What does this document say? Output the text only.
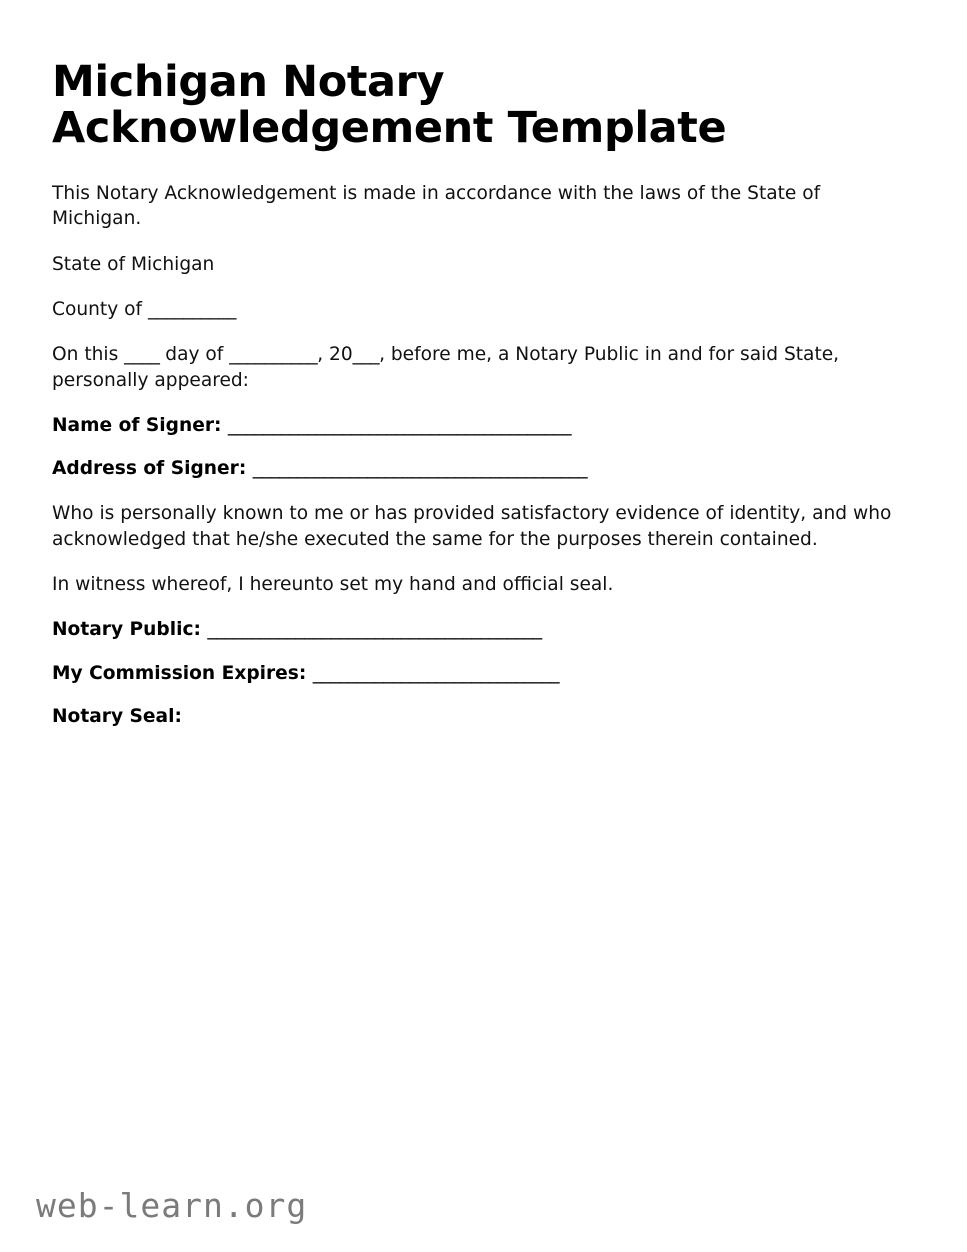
Michigan Notary Acknowledgement Template

This Notary Acknowledgement is made in accordance with the laws of the State of Michigan.

State of Michigan

County of __________

On this ____ day of __________, 20___, before me, a Notary Public in and for said State, personally appeared:

Name of Signer: _______________________________________

Address of Signer: ______________________________________

Who is personally known to me or has provided satisfactory evidence of identity, and who acknowledged that he/she executed the same for the purposes therein contained.

In witness whereof, I hereunto set my hand and official seal.

Notary Public: ______________________________________

My Commission Expires: ____________________________

Notary Seal:

web-learn.org
